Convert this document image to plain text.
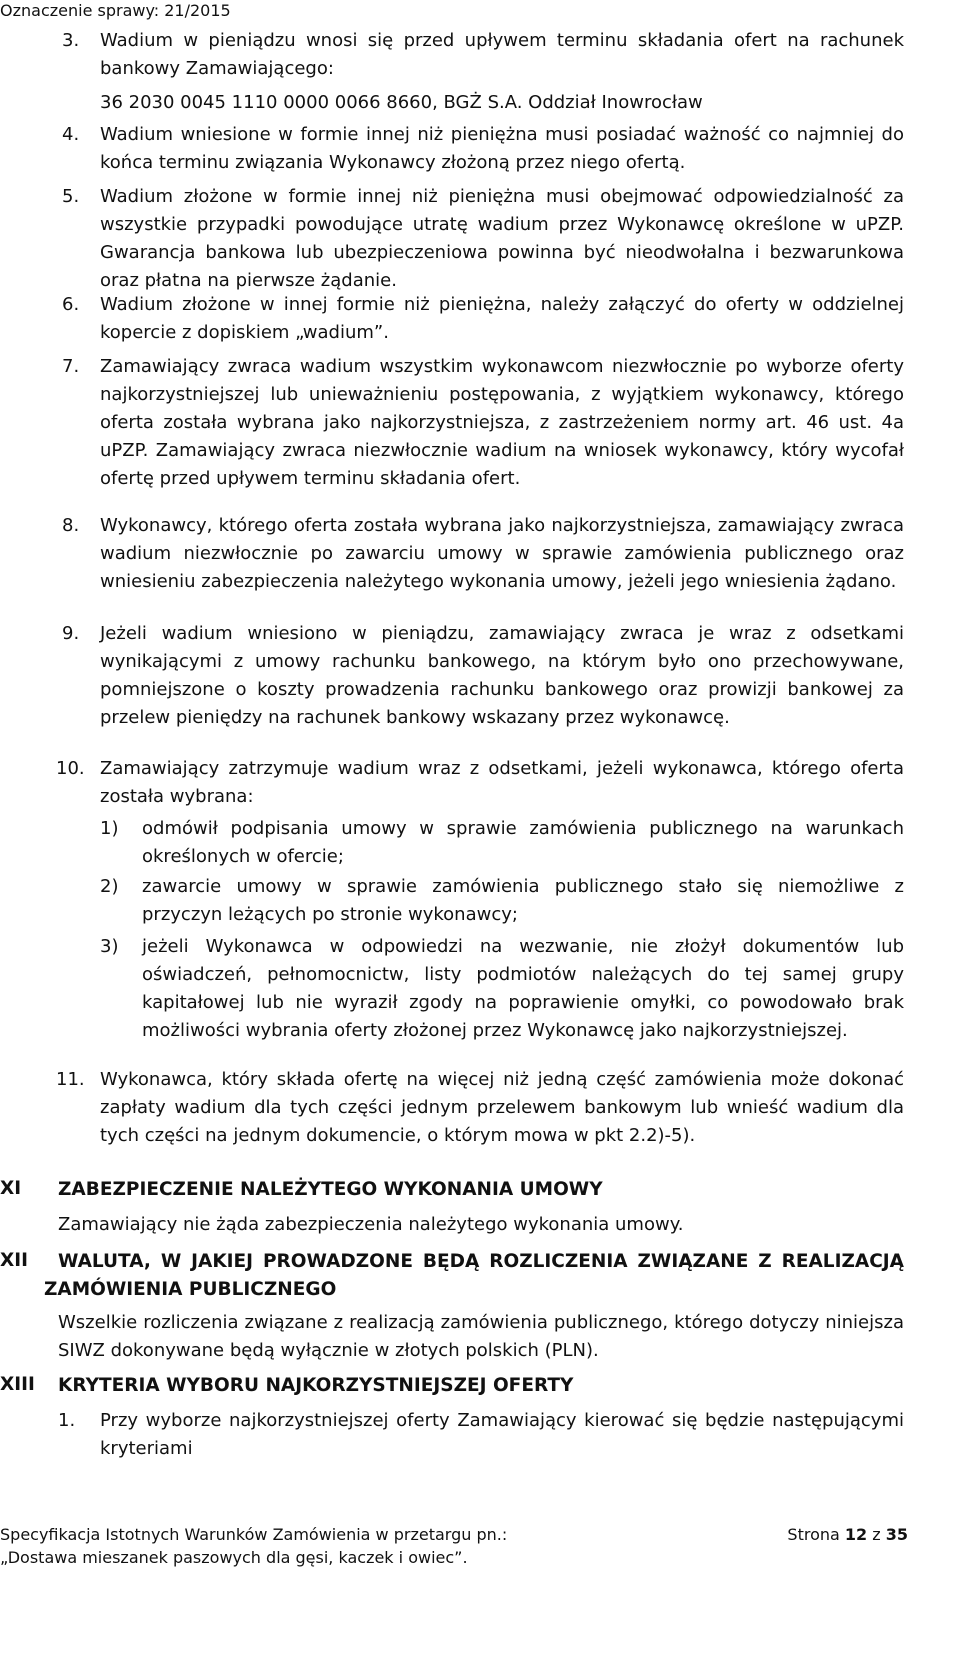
Oznaczenie sprawy: 21/2015
3. Wadium w pieniądzu wnosi się przed upływem terminu składania ofert na rachunek bankowy Zamawiającego:
36 2030 0045 1110 0000 0066 8660, BGŻ S.A. Oddział Inowrocław
4. Wadium wniesione w formie innej niż pieniężna musi posiadać ważność co najmniej do końca terminu związania Wykonawcy złożoną przez niego ofertą.
5. Wadium złożone w formie innej niż pieniężna musi obejmować odpowiedzialność za wszystkie przypadki powodujące utratę wadium przez Wykonawcę określone w uPZP. Gwarancja bankowa lub ubezpieczeniowa powinna być nieodwołalna i bezwarunkowa oraz płatna na pierwsze żądanie.
6. Wadium złożone w innej formie niż pieniężna, należy załączyć do oferty w oddzielnej kopercie z dopiskiem „wadium”.
7. Zamawiający zwraca wadium wszystkim wykonawcom niezwłocznie po wyborze oferty najkorzystniejszej lub unieważnieniu postępowania, z wyjątkiem wykonawcy, którego oferta została wybrana jako najkorzystniejsza, z zastrzeżeniem normy art. 46 ust. 4a uPZP. Zamawiający zwraca niezwłocznie wadium na wniosek wykonawcy, który wycofał ofertę przed upływem terminu składania ofert.
8. Wykonawcy, którego oferta została wybrana jako najkorzystniejsza, zamawiający zwraca wadium niezwłocznie po zawarciu umowy w sprawie zamówienia publicznego oraz wniesieniu zabezpieczenia należytego wykonania umowy, jeżeli jego wniesienia żądano.
9. Jeżeli wadium wniesiono w pieniądzu, zamawiający zwraca je wraz z odsetkami wynikającymi z umowy rachunku bankowego, na którym było ono przechowywane, pomniejszone o koszty prowadzenia rachunku bankowego oraz prowizji bankowej za przelew pieniędzy na rachunek bankowy wskazany przez wykonawcę.
10. Zamawiający zatrzymuje wadium wraz z odsetkami, jeżeli wykonawca, którego oferta została wybrana:
1) odmówił podpisania umowy w sprawie zamówienia publicznego na warunkach określonych w ofercie;
2) zawarcie umowy w sprawie zamówienia publicznego stało się niemożliwe z przyczyn leżących po stronie wykonawcy;
3) jeżeli Wykonawca w odpowiedzi na wezwanie, nie złożył dokumentów lub oświadczeń, pełnomocnictw, listy podmiotów należących do tej samej grupy kapitałowej lub nie wyraził zgody na poprawienie omyłki, co powodowało brak możliwości wybrania oferty złożonej przez Wykonawcę jako najkorzystniejszej.
11. Wykonawca, który składa ofertę na więcej niż jedną część zamówienia może dokonać zapłaty wadium dla tych części jednym przelewem bankowym lub wnieść wadium dla tych części na jednym dokumencie, o którym mowa w pkt 2.2)-5).
XI ZABEZPIECZENIE NALEŻYTEGO WYKONANIA UMOWY
Zamawiający nie żąda zabezpieczenia należytego wykonania umowy.
XII	WALUTA, W JAKIEJ PROWADZONE BĘDĄ ROZLICZENIA ZWIĄZANE Z REALIZACJĄ ZAMÓWIENIA PUBLICZNEGO
Wszelkie rozliczenia związane z realizacją zamówienia publicznego, którego dotyczy niniejsza SIWZ dokonywane będą wyłącznie w złotych polskich (PLN).
XIII KRYTERIA WYBORU NAJKORZYSTNIEJSZEJ OFERTY
1. Przy wyborze najkorzystniejszej oferty Zamawiający kierować się będzie następującymi kryteriami
Specyfikacja Istotnych Warunków Zamówienia w przetargu pn.:
„Dostawa mieszanek paszowych dla gęsi, kaczek i owiec”.
Strona 12 z 35
